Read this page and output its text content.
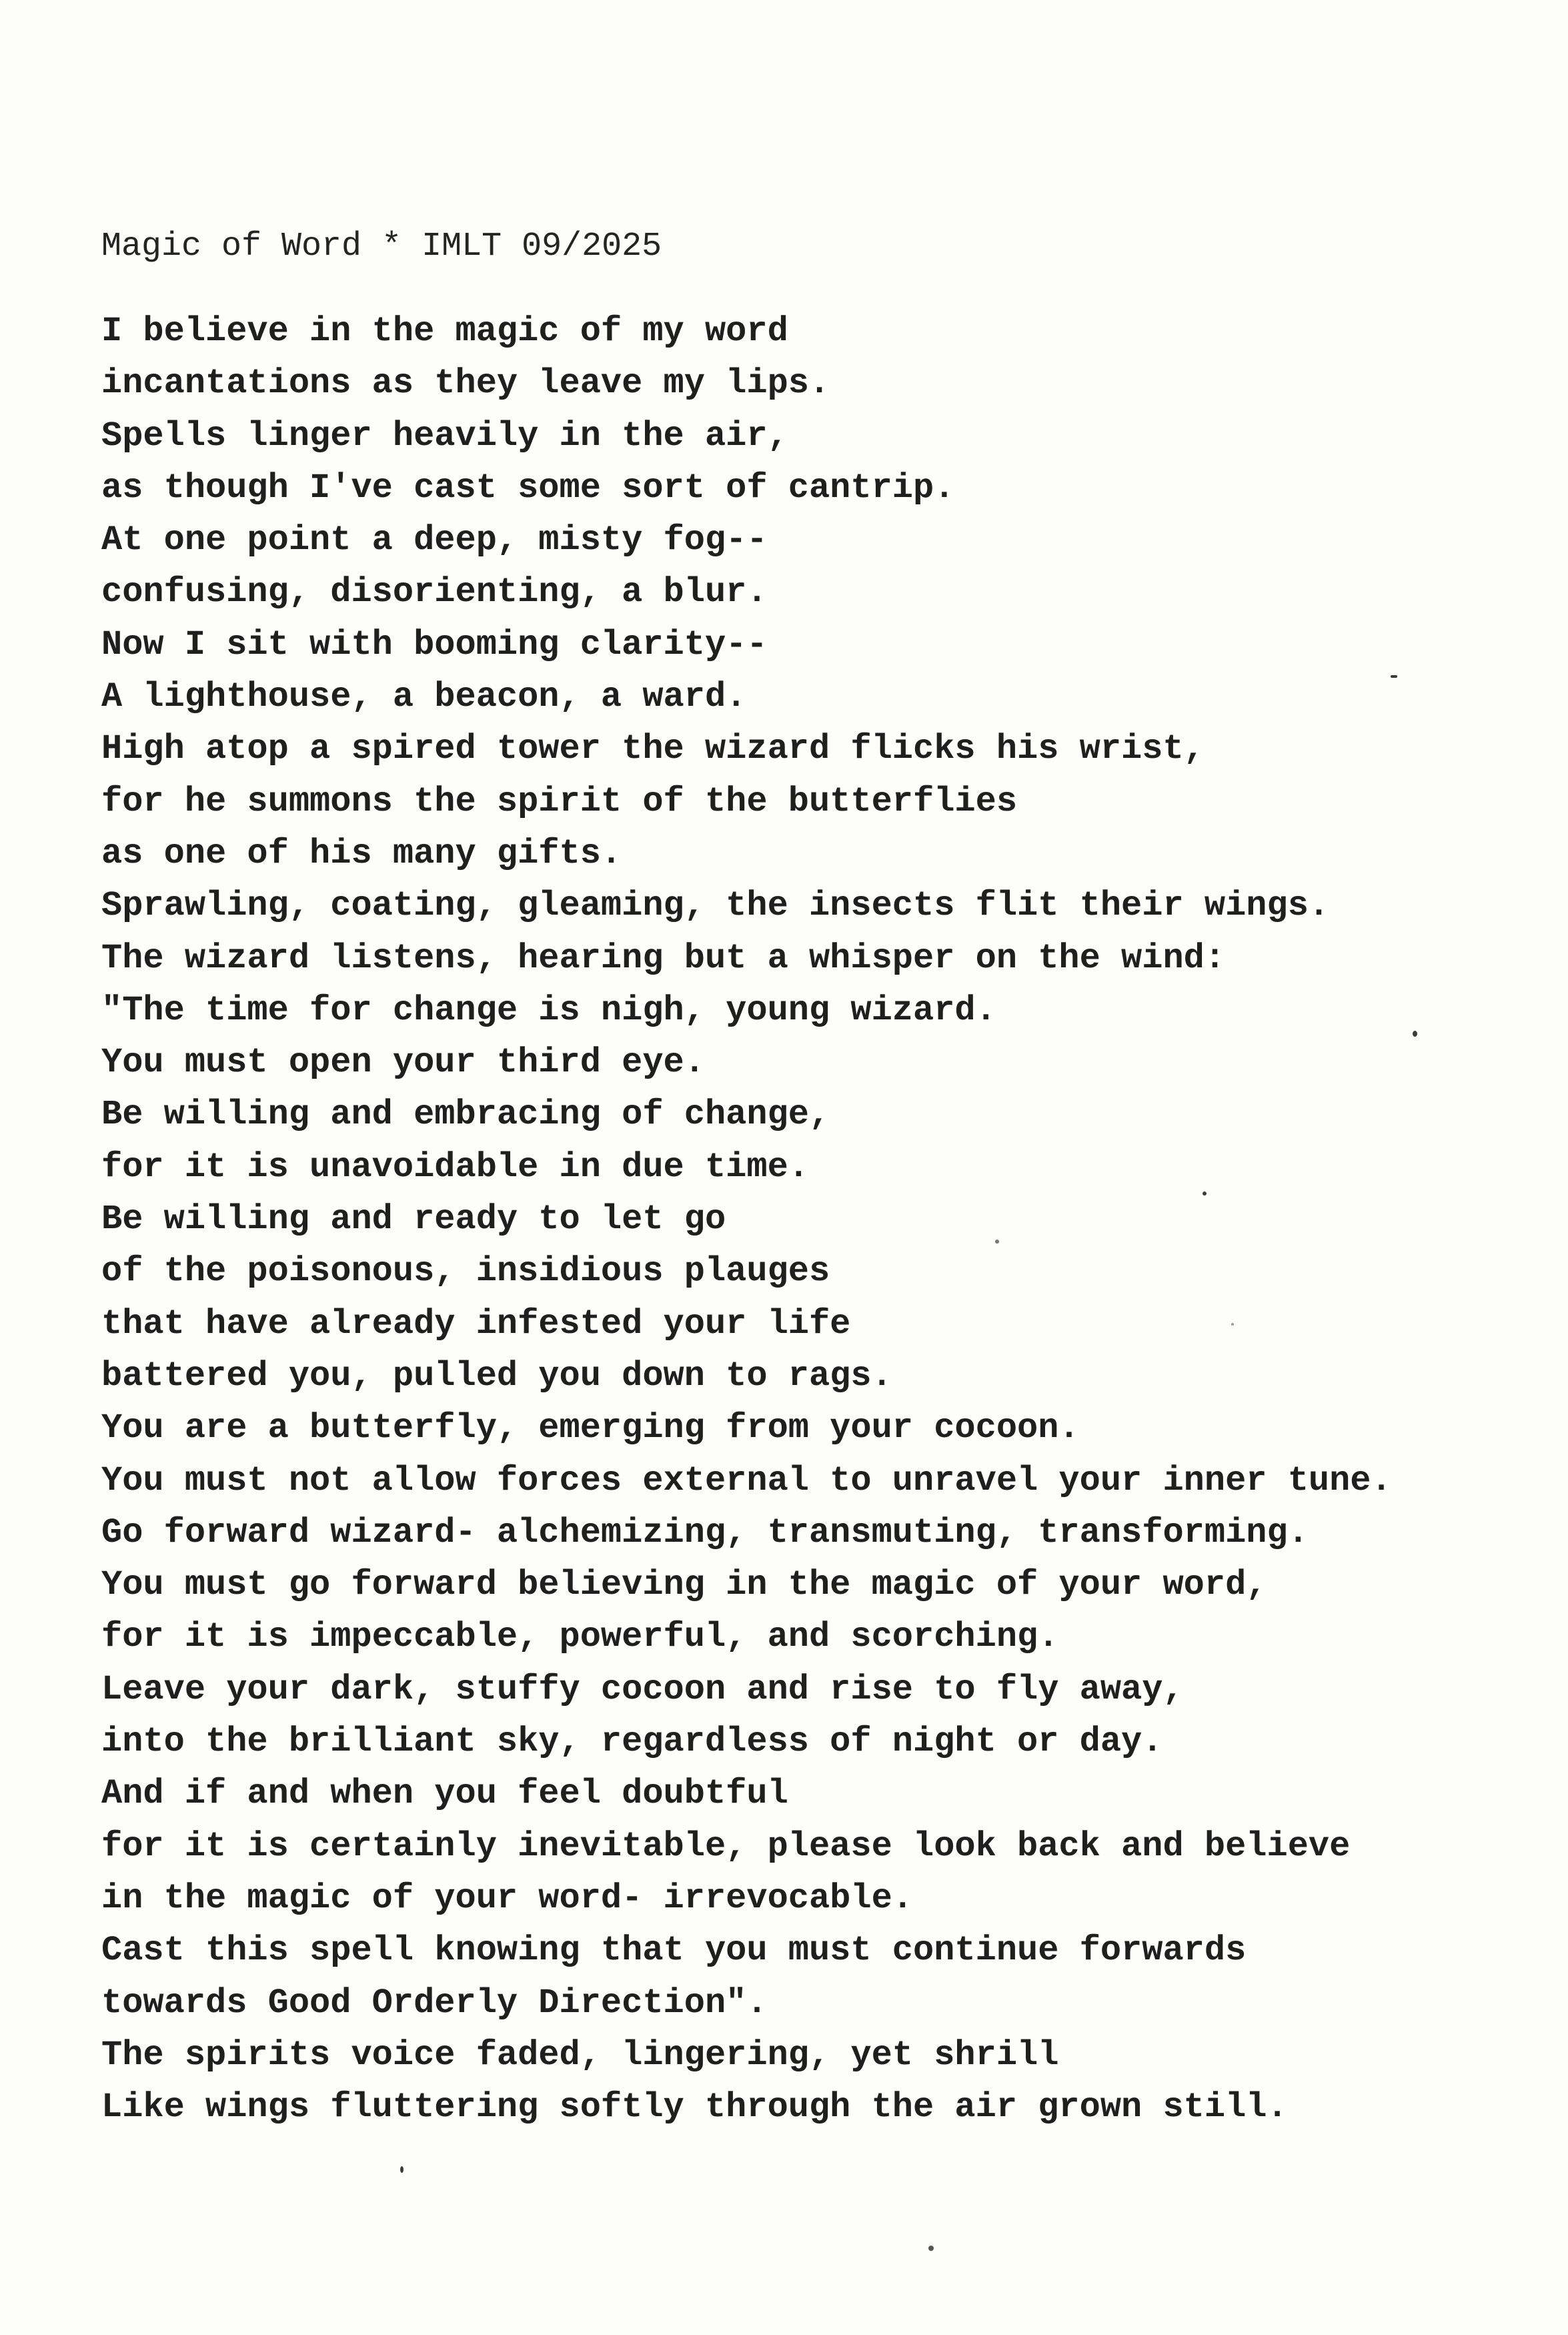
Magic of Word * IMLT 09/2025
I believe in the magic of my word
incantations as they leave my lips.
Spells linger heavily in the air,
as though I've cast some sort of cantrip.
At one point a deep, misty fog--
confusing, disorienting, a blur.
Now I sit with booming clarity--
A lighthouse, a beacon, a ward.
High atop a spired tower the wizard flicks his wrist,
for he summons the spirit of the butterflies
as one of his many gifts.
Sprawling, coating, gleaming, the insects flit their wings.
The wizard listens, hearing but a whisper on the wind:
"The time for change is nigh, young wizard.
You must open your third eye.
Be willing and embracing of change,
for it is unavoidable in due time.
Be willing and ready to let go
of the poisonous, insidious plauges
that have already infested your life
battered you, pulled you down to rags.
You are a butterfly, emerging from your cocoon.
You must not allow forces external to unravel your inner tune.
Go forward wizard- alchemizing, transmuting, transforming.
You must go forward believing in the magic of your word,
for it is impeccable, powerful, and scorching.
Leave your dark, stuffy cocoon and rise to fly away,
into the brilliant sky, regardless of night or day.
And if and when you feel doubtful
for it is certainly inevitable, please look back and believe
in the magic of your word- irrevocable.
Cast this spell knowing that you must continue forwards
towards Good Orderly Direction".
The spirits voice faded, lingering, yet shrill
Like wings fluttering softly through the air grown still.
